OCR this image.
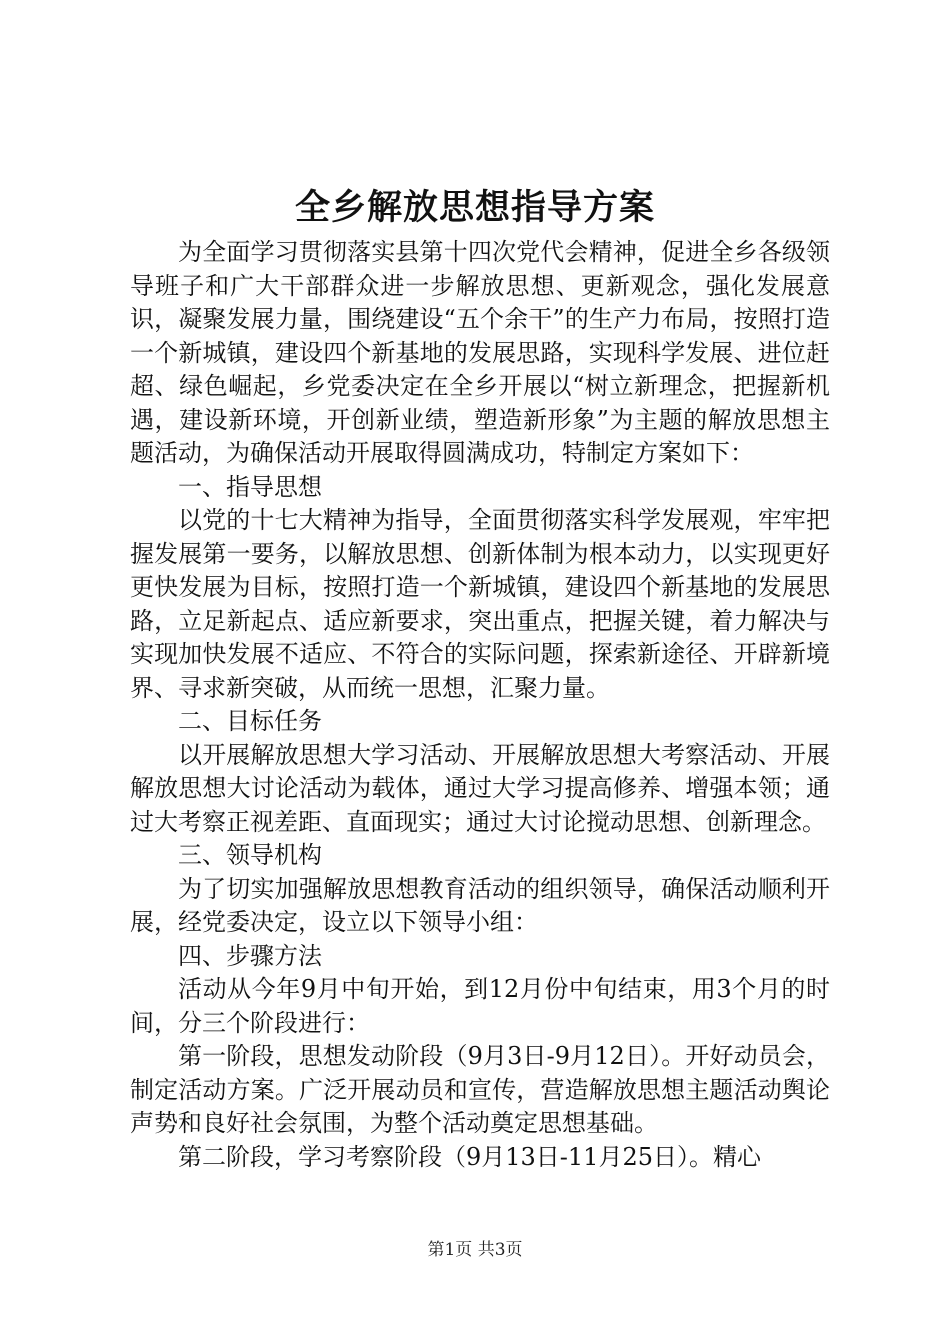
全乡解放思想指导方案

为全面学习贯彻落实县第十四次党代会精神，促进全乡各级领导班子和广大干部群众进一步解放思想、更新观念，强化发展意识，凝聚发展力量，围绕建设“五个余干”的生产力布局，按照打造一个新城镇，建设四个新基地的发展思路，实现科学发展、进位赶超、绿色崛起，乡党委决定在全乡开展以“树立新理念，把握新机遇，建设新环境，开创新业绩，塑造新形象”为主题的解放思想主题活动，为确保活动开展取得圆满成功，特制定方案如下：

一、指导思想

以党的十七大精神为指导，全面贯彻落实科学发展观，牢牢把握发展第一要务，以解放思想、创新体制为根本动力，以实现更好更快发展为目标，按照打造一个新城镇，建设四个新基地的发展思路，立足新起点、适应新要求，突出重点，把握关键，着力解决与实现加快发展不适应、不符合的实际问题，探索新途径、开辟新境界、寻求新突破，从而统一思想，汇聚力量。

二、目标任务

以开展解放思想大学习活动、开展解放思想大考察活动、开展解放思想大讨论活动为载体，通过大学习提高修养、增强本领；通过大考察正视差距、直面现实；通过大讨论搅动思想、创新理念。

三、领导机构

为了切实加强解放思想教育活动的组织领导，确保活动顺利开展，经党委决定，设立以下领导小组：

四、步骤方法

活动从今年9月中旬开始，到12月份中旬结束，用3个月的时间，分三个阶段进行：

第一阶段，思想发动阶段（9月3日-9月12日）。开好动员会，制定活动方案。广泛开展动员和宣传，营造解放思想主题活动舆论声势和良好社会氛围，为整个活动奠定思想基础。

第二阶段，学习考察阶段（9月13日-11月25日）。精心

第1页 共3页
